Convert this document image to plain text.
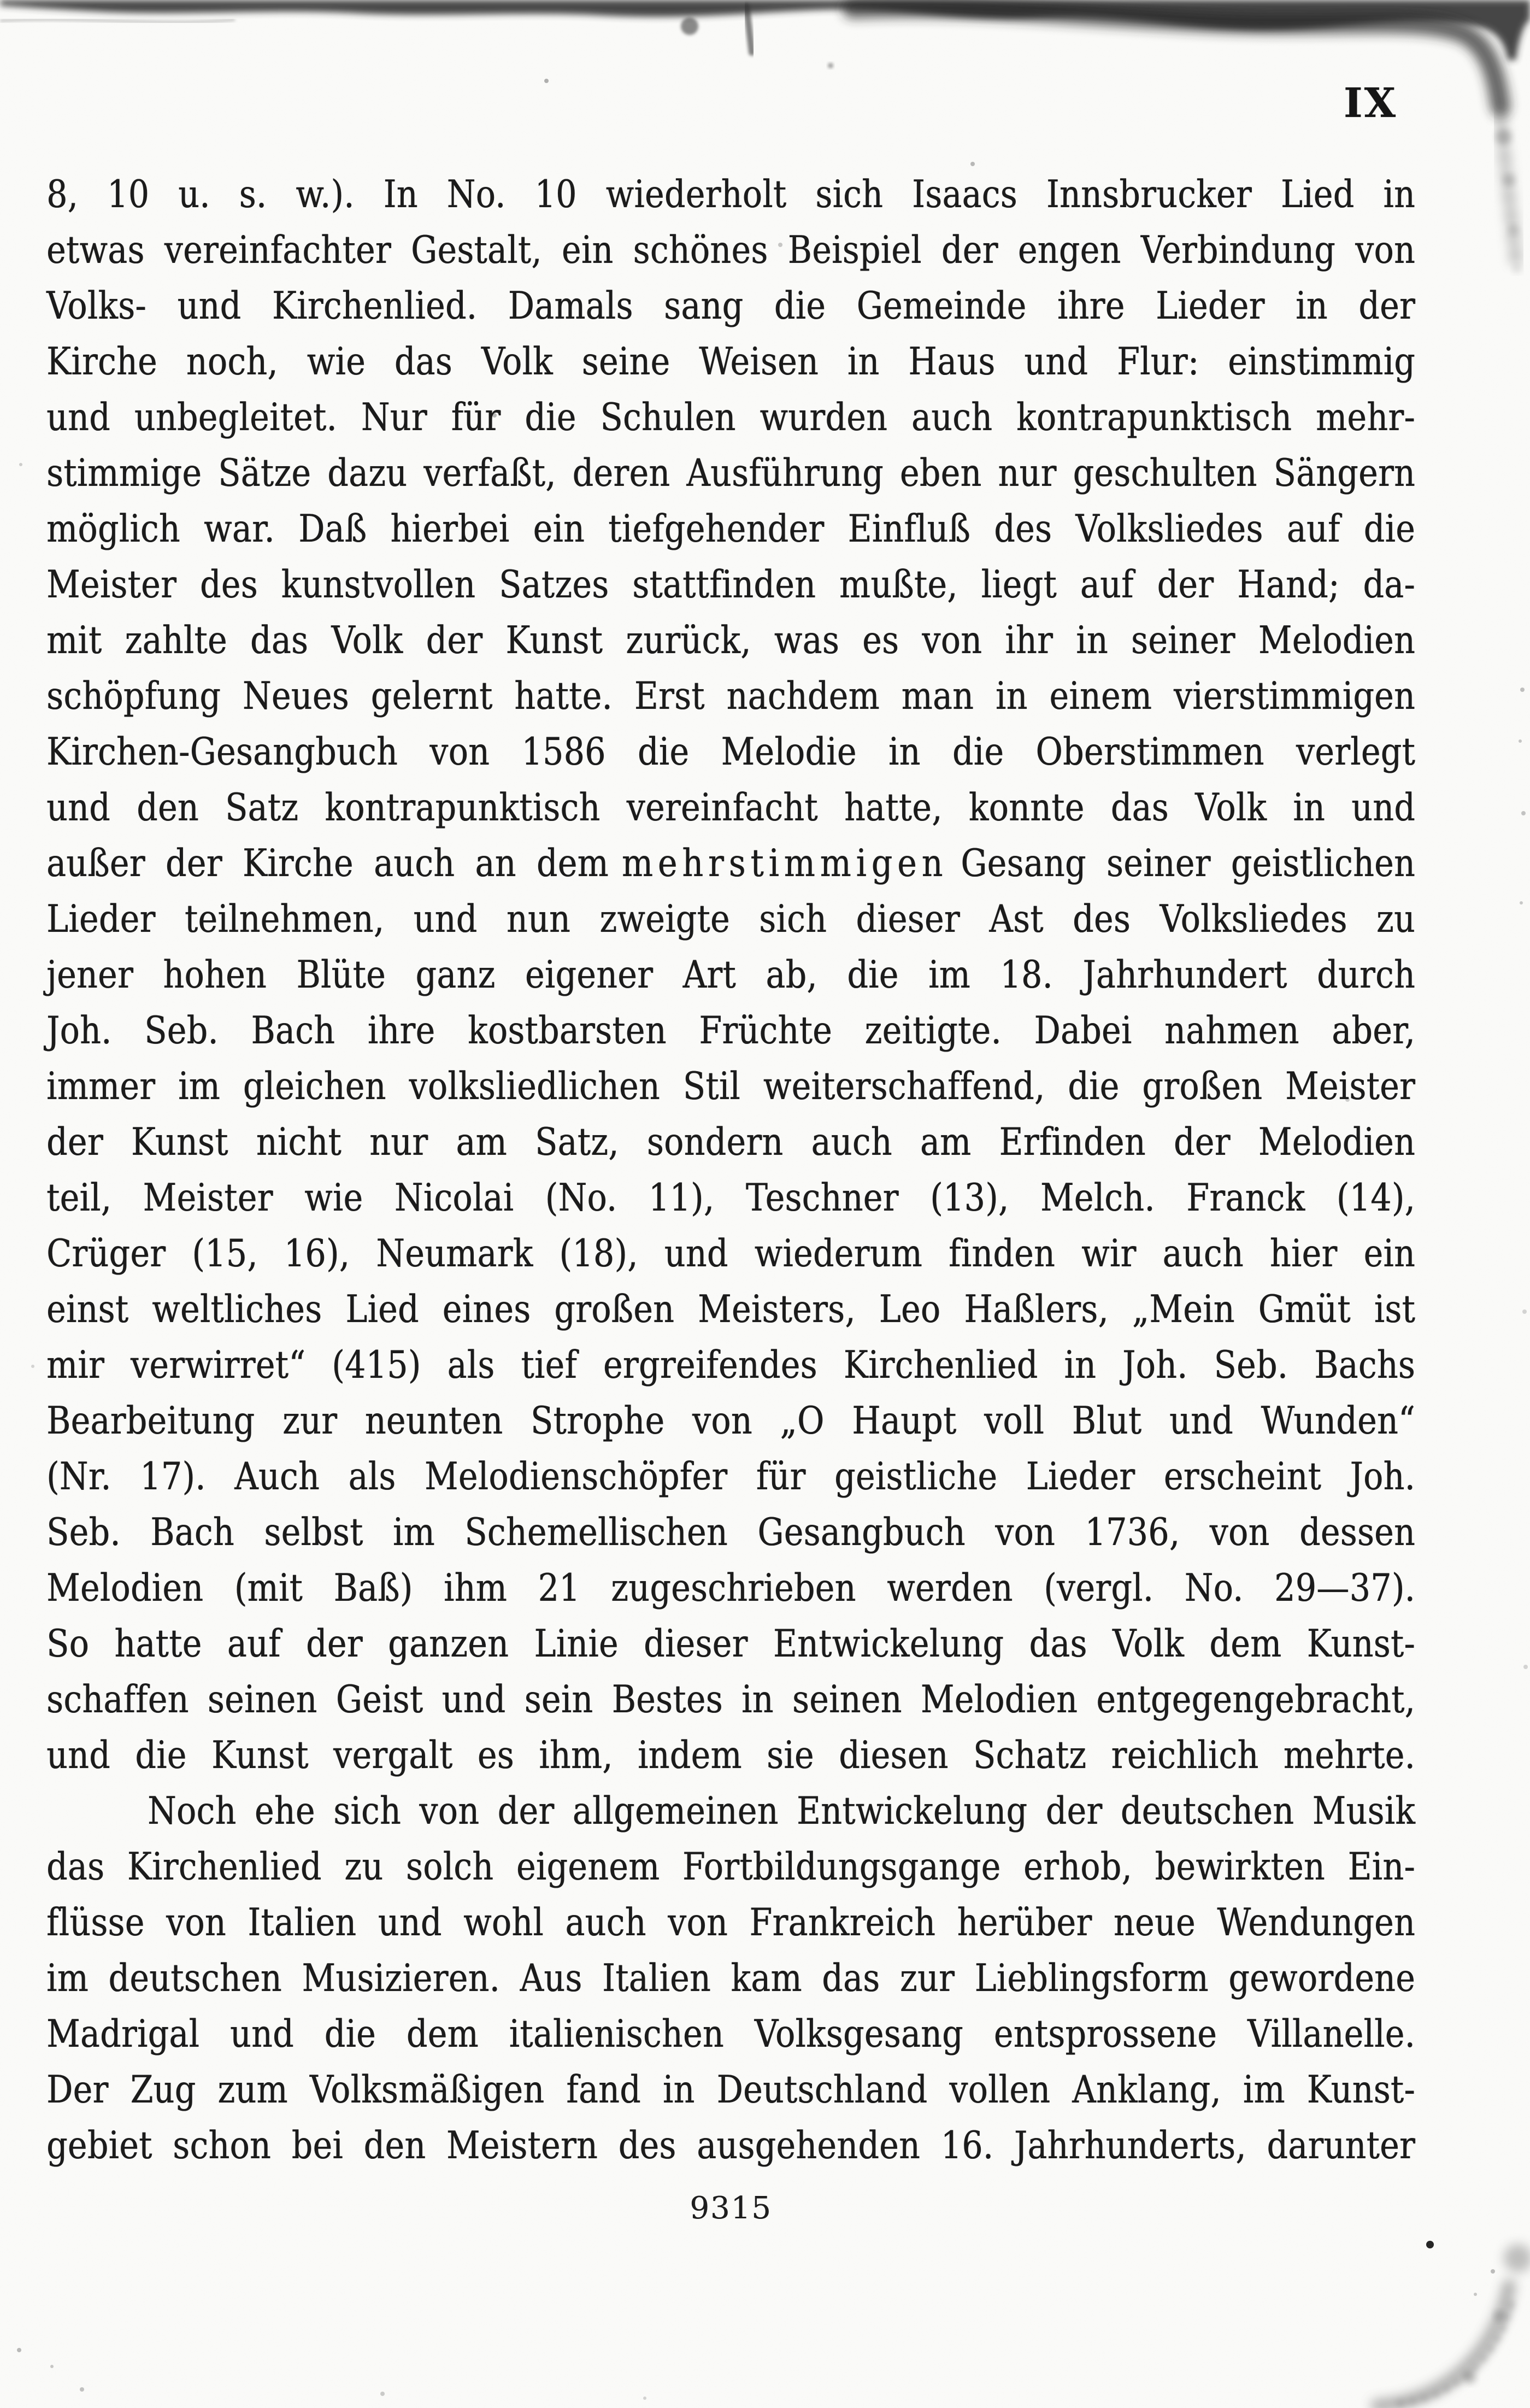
IX
8, 10 u. s. w.). In No. 10 wiederholt sich Isaacs Innsbrucker Lied in
etwas vereinfachter Gestalt, ein schönes Beispiel der engen Verbindung von
Volks- und Kirchenlied. Damals sang die Gemeinde ihre Lieder in der
Kirche noch, wie das Volk seine Weisen in Haus und Flur: einstimmig
und unbegleitet. Nur für die Schulen wurden auch kontrapunktisch mehr-
stimmige Sätze dazu verfaßt, deren Ausführung eben nur geschulten Sängern
möglich war. Daß hierbei ein tiefgehender Einfluß des Volksliedes auf die
Meister des kunstvollen Satzes stattfinden mußte, liegt auf der Hand; da-
mit zahlte das Volk der Kunst zurück, was es von ihr in seiner Melodien
schöpfung Neues gelernt hatte. Erst nachdem man in einem vierstimmigen
Kirchen-Gesangbuch von 1586 die Melodie in die Oberstimmen verlegt
und den Satz kontrapunktisch vereinfacht hatte, konnte das Volk in und
außer der Kirche auch an dem mehrstimmigen Gesang seiner geistlichen
Lieder teilnehmen, und nun zweigte sich dieser Ast des Volksliedes zu
jener hohen Blüte ganz eigener Art ab, die im 18. Jahrhundert durch
Joh. Seb. Bach ihre kostbarsten Früchte zeitigte. Dabei nahmen aber,
immer im gleichen volksliedlichen Stil weiterschaffend, die großen Meister
der Kunst nicht nur am Satz, sondern auch am Erfinden der Melodien
teil, Meister wie Nicolai (No. 11), Teschner (13), Melch. Franck (14),
Crüger (15, 16), Neumark (18), und wiederum finden wir auch hier ein
einst weltliches Lied eines großen Meisters, Leo Haßlers, „Mein Gmüt ist
mir verwirret“ (415) als tief ergreifendes Kirchenlied in Joh. Seb. Bachs
Bearbeitung zur neunten Strophe von „O Haupt voll Blut und Wunden“
(Nr. 17). Auch als Melodienschöpfer für geistliche Lieder erscheint Joh.
Seb. Bach selbst im Schemellischen Gesangbuch von 1736, von dessen
Melodien (mit Baß) ihm 21 zugeschrieben werden (vergl. No. 29—37).
So hatte auf der ganzen Linie dieser Entwickelung das Volk dem Kunst-
schaffen seinen Geist und sein Bestes in seinen Melodien entgegengebracht,
und die Kunst vergalt es ihm, indem sie diesen Schatz reichlich mehrte.
Noch ehe sich von der allgemeinen Entwickelung der deutschen Musik
das Kirchenlied zu solch eigenem Fortbildungsgange erhob, bewirkten Ein-
flüsse von Italien und wohl auch von Frankreich herüber neue Wendungen
im deutschen Musizieren. Aus Italien kam das zur Lieblingsform gewordene
Madrigal und die dem italienischen Volksgesang entsprossene Villanelle.
Der Zug zum Volksmäßigen fand in Deutschland vollen Anklang, im Kunst-
gebiet schon bei den Meistern des ausgehenden 16. Jahrhunderts, darunter
9315
